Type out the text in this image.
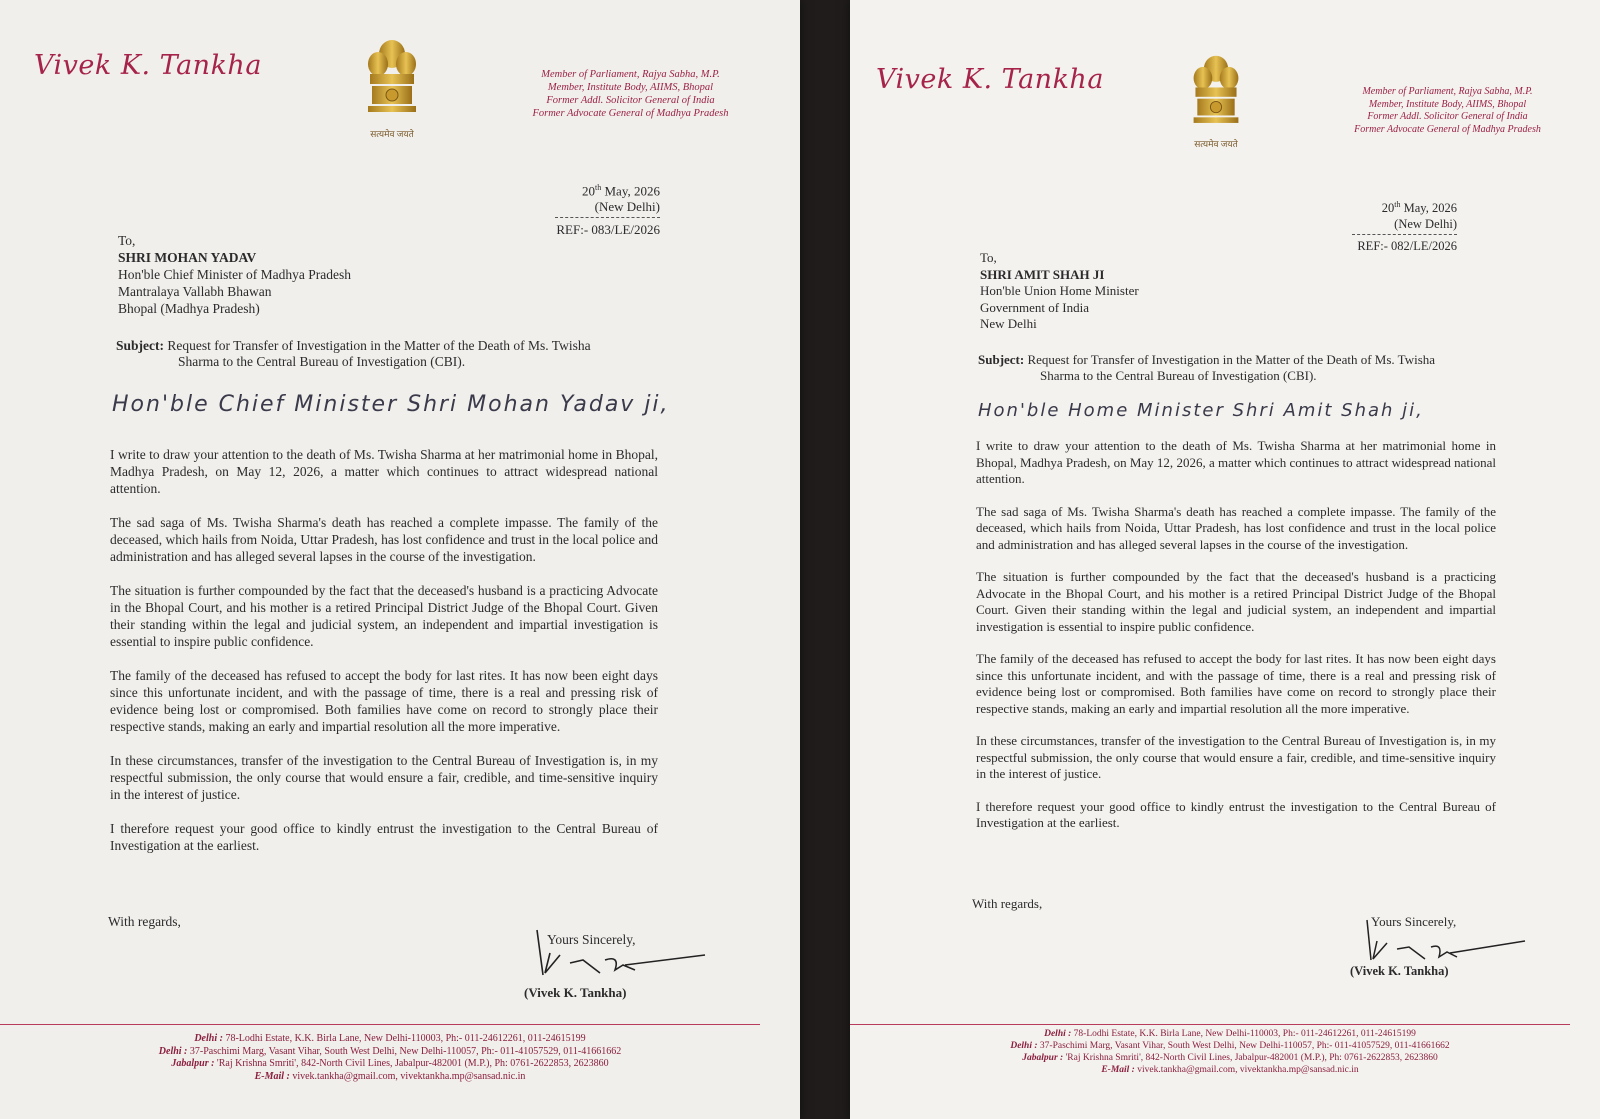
Vivek K. Tankha
सत्यमेव जयते
Member of Parliament, Rajya Sabha, M.P.
Member, Institute Body, AIIMS, Bhopal
Former Addl. Solicitor General of India
Former Advocate General of Madhya Pradesh
20th May, 2026
(New Delhi)
REF:- 083/LE/2026
To,
SHRI MOHAN YADAV
Hon'ble Chief Minister of Madhya Pradesh
Mantralaya Vallabh Bhawan
Bhopal (Madhya Pradesh)
Subject: Request for Transfer of Investigation in the Matter of the Death of Ms. Twisha
Sharma to the Central Bureau of Investigation (CBI).
Hon'ble Chief Minister Shri Mohan Yadav ji,

I write to draw your attention to the death of Ms. Twisha Sharma at her matrimonial home in Bhopal, Madhya Pradesh, on May 12, 2026, a matter which continues to attract widespread national attention.

The sad saga of Ms. Twisha Sharma's death has reached a complete impasse. The family of the deceased, which hails from Noida, Uttar Pradesh, has lost confidence and trust in the local police and administration and has alleged several lapses in the course of the investigation.

The situation is further compounded by the fact that the deceased's husband is a practicing Advocate in the Bhopal Court, and his mother is a retired Principal District Judge of the Bhopal Court. Given their standing within the legal and judicial system, an independent and impartial investigation is essential to inspire public confidence.

The family of the deceased has refused to accept the body for last rites. It has now been eight days since this unfortunate incident, and with the passage of time, there is a real and pressing risk of evidence being lost or compromised. Both families have come on record to strongly place their respective stands, making an early and impartial resolution all the more imperative.

In these circumstances, transfer of the investigation to the Central Bureau of Investigation is, in my respectful submission, the only course that would ensure a fair, credible, and time-sensitive inquiry in the interest of justice.

I therefore request your good office to kindly entrust the investigation to the Central Bureau of Investigation at the earliest.

With regards,
Yours Sincerely,
(Vivek K. Tankha)
Delhi : 78-Lodhi Estate, K.K. Birla Lane, New Delhi-110003, Ph:- 011-24612261, 011-24615199
Delhi : 37-Paschimi Marg, Vasant Vihar, South West Delhi, New Delhi-110057, Ph:- 011-41057529, 011-41661662
Jabalpur : 'Raj Krishna Smriti', 842-North Civil Lines, Jabalpur-482001 (M.P.), Ph: 0761-2622853, 2623860
E-Mail : vivek.tankha@gmail.com, vivektankha.mp@sansad.nic.in
Vivek K. Tankha
सत्यमेव जयते
Member of Parliament, Rajya Sabha, M.P.
Member, Institute Body, AIIMS, Bhopal
Former Addl. Solicitor General of India
Former Advocate General of Madhya Pradesh
20th May, 2026
(New Delhi)
REF:- 082/LE/2026
To,
SHRI AMIT SHAH JI
Hon'ble Union Home Minister
Government of India
New Delhi
Subject: Request for Transfer of Investigation in the Matter of the Death of Ms. Twisha
Sharma to the Central Bureau of Investigation (CBI).
Hon'ble Home Minister Shri Amit Shah ji,

I write to draw your attention to the death of Ms. Twisha Sharma at her matrimonial home in Bhopal, Madhya Pradesh, on May 12, 2026, a matter which continues to attract widespread national attention.

The sad saga of Ms. Twisha Sharma's death has reached a complete impasse. The family of the deceased, which hails from Noida, Uttar Pradesh, has lost confidence and trust in the local police and administration and has alleged several lapses in the course of the investigation.

The situation is further compounded by the fact that the deceased's husband is a practicing Advocate in the Bhopal Court, and his mother is a retired Principal District Judge of the Bhopal Court. Given their standing within the legal and judicial system, an independent and impartial investigation is essential to inspire public confidence.

The family of the deceased has refused to accept the body for last rites. It has now been eight days since this unfortunate incident, and with the passage of time, there is a real and pressing risk of evidence being lost or compromised. Both families have come on record to strongly place their respective stands, making an early and impartial resolution all the more imperative.

In these circumstances, transfer of the investigation to the Central Bureau of Investigation is, in my respectful submission, the only course that would ensure a fair, credible, and time-sensitive inquiry in the interest of justice.

I therefore request your good office to kindly entrust the investigation to the Central Bureau of Investigation at the earliest.

With regards,
Yours Sincerely,
(Vivek K. Tankha)
Delhi : 78-Lodhi Estate, K.K. Birla Lane, New Delhi-110003, Ph:- 011-24612261, 011-24615199
Delhi : 37-Paschimi Marg, Vasant Vihar, South West Delhi, New Delhi-110057, Ph:- 011-41057529, 011-41661662
Jabalpur : 'Raj Krishna Smriti', 842-North Civil Lines, Jabalpur-482001 (M.P.), Ph: 0761-2622853, 2623860
E-Mail : vivek.tankha@gmail.com, vivektankha.mp@sansad.nic.in
